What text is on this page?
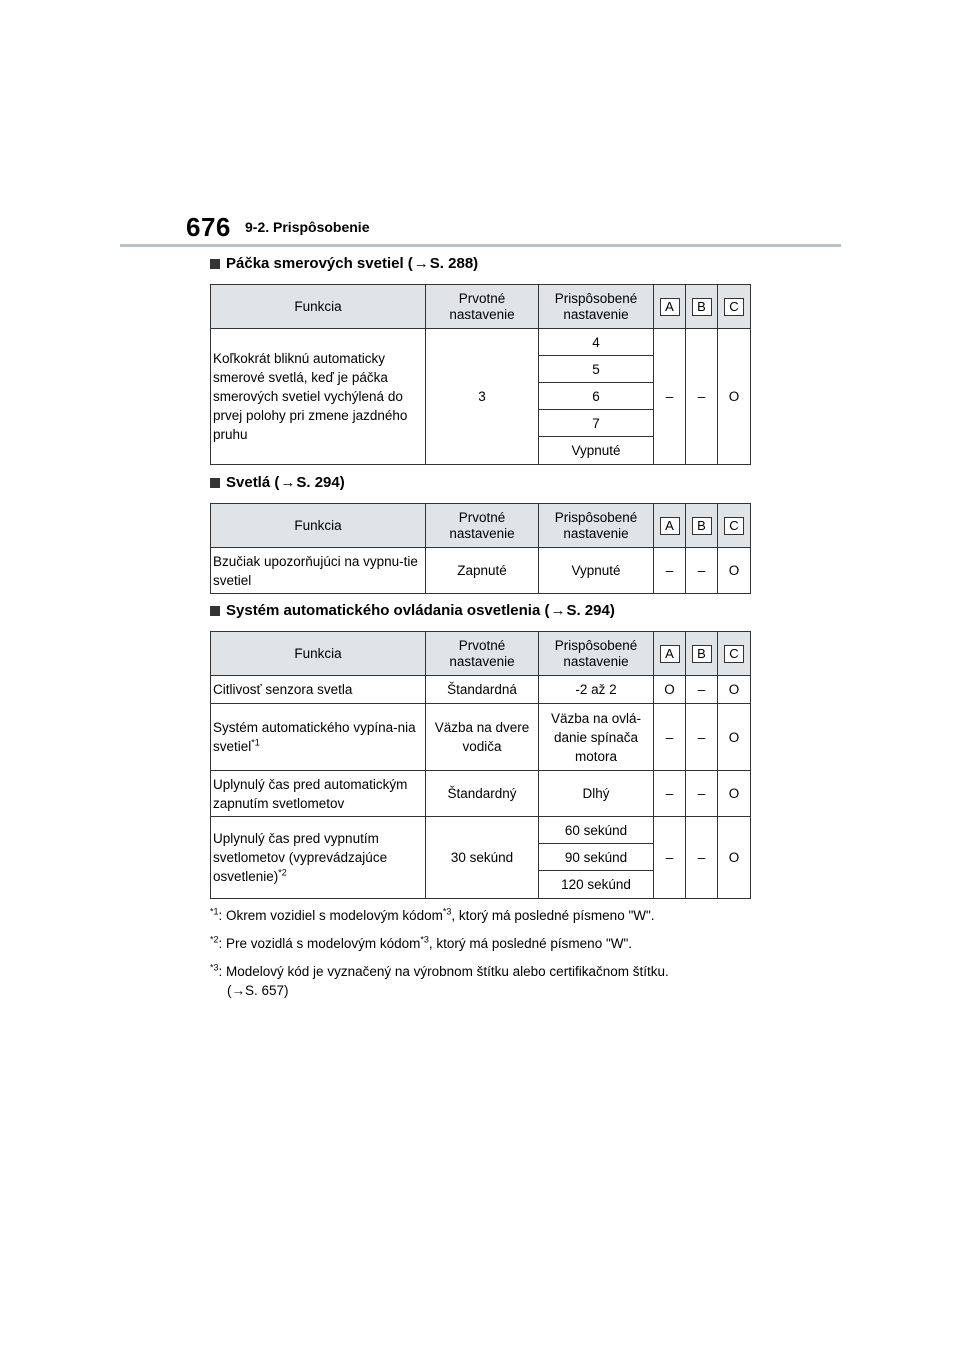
676 9-2. Prispôsobenie
Páčka smerových svetiel ( → S. 288)
Funkcia	Prvotné nastavenie	Prispôsobené nastavenie	A	B	C
Koľkokrát bliknú automaticky smerové svetlá, keď je páčka smerových svetiel vychýlená do prvej polohy pri zmene jazdného pruhu	3	4	–	–	O
		5			
		6			
		7			
		Vypnuté			
Svetlá ( → S. 294)
Funkcia	Prvotné nastavenie	Prispôsobené nastavenie	A	B	C
Bzučiak upozorňujúci na vypnu-tie svetiel	Zapnuté	Vypnuté	–	–	O
Systém automatického ovládania osvetlenia ( → S. 294)
Funkcia	Prvotné nastavenie	Prispôsobené nastavenie	A	B	C
Citlivosť senzora svetla	Štandardná	-2 až 2	O	–	O
Systém automatického vypína-nia svetiel$^{*1}$	Väzba na dvere vodiča	Väzba na ovlá-danie spínača motora	–	–	O
Uplynulý čas pred automatickým zapnutím svetlometov	Štandardný	Dlhý	–	–	O
Uplynulý čas pred vypnutím svetlometov (vyprevádzajúce osvetlenie)$^{*2}$	30 sekúnd	60 sekúnd	–	–	O
		90 sekúnd			
		120 sekúnd			
$^{*1}$: Okrem vozidiel s modelovým kódom$^{*3}$, ktorý má posledné písmeno "W".
$^{*2}$: Pre vozidlá s modelovým kódom$^{*3}$, ktorý má posledné písmeno "W".
$^{*3}$: Modelový kód je vyznačený na výrobnom štítku alebo certifikačnom štítku.
(→S. 657)
